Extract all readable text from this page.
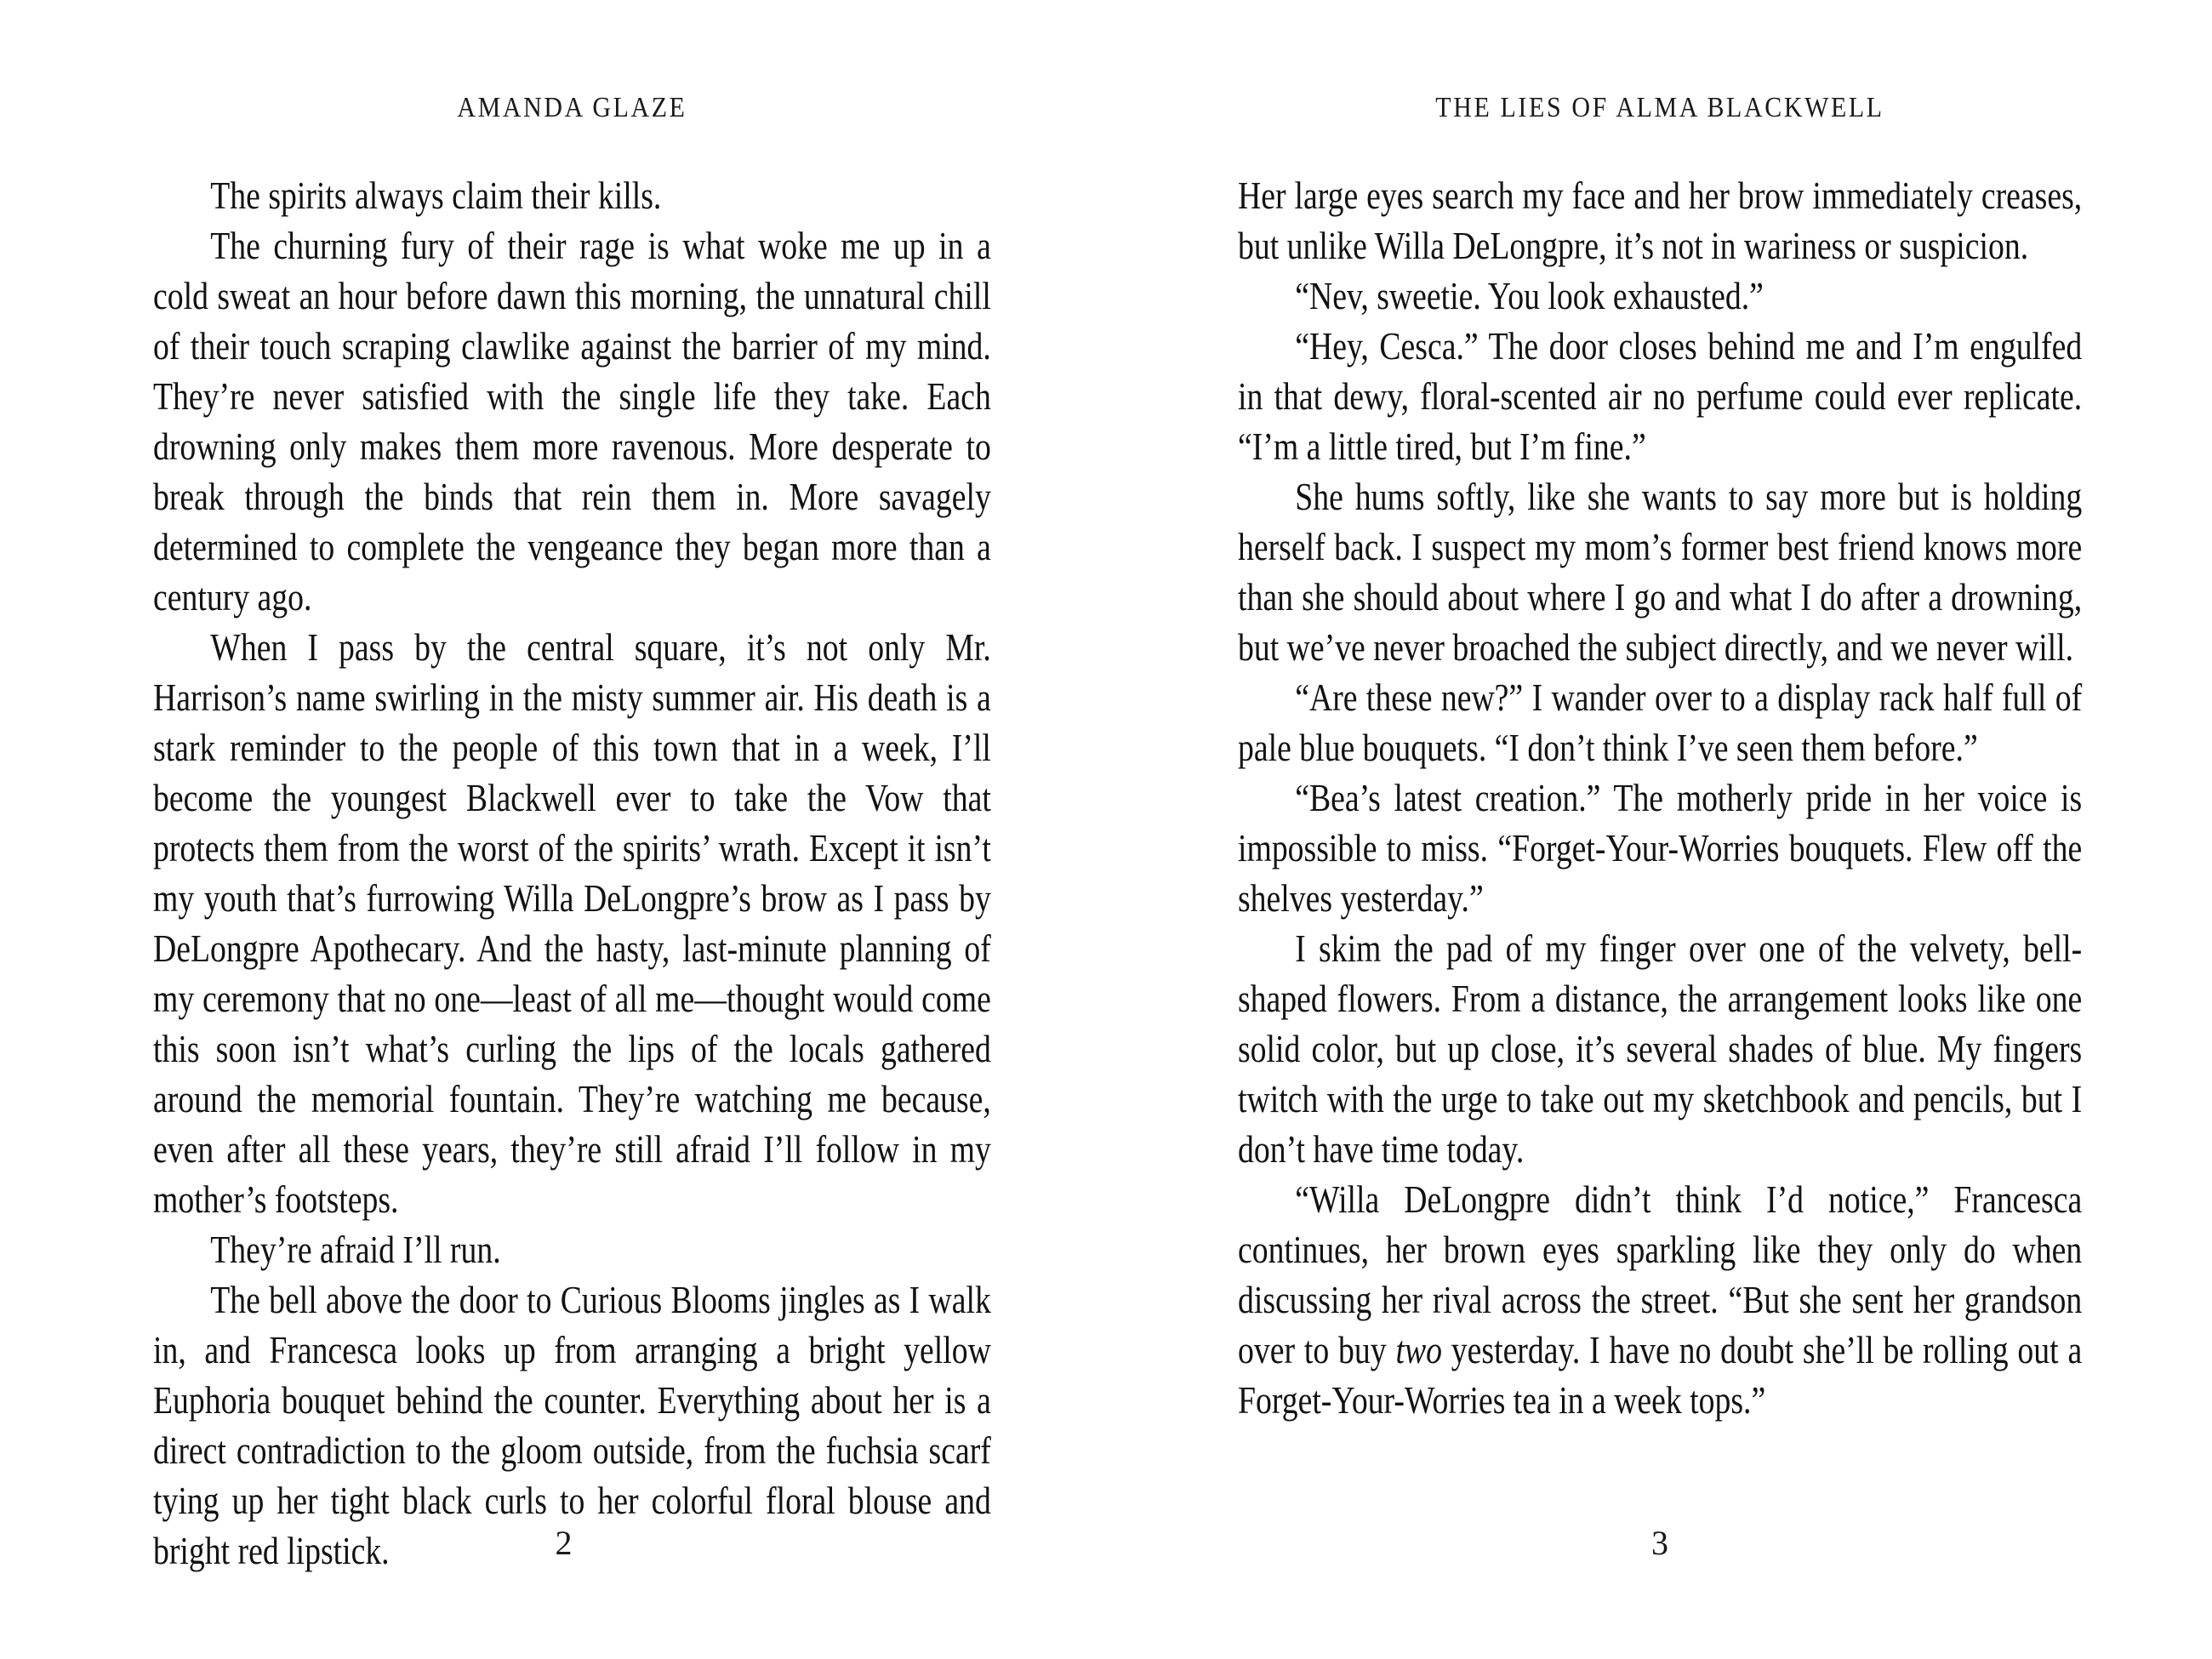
AMANDA GLAZE

The spirits always claim their kills.

The churning fury of their rage is what woke me up in a cold sweat an hour before dawn this morning, the unnatural chill of their touch scraping clawlike against the barrier of my mind. They’re never satisfied with the single life they take. Each drowning only makes them more ravenous. More desperate to break through the binds that rein them in. More savagely determined to complete the vengeance they began more than a century ago.

When I pass by the central square, it’s not only Mr. Harrison’s name swirling in the misty summer air. His death is a stark reminder to the people of this town that in a week, I’ll become the youngest Blackwell ever to take the Vow that protects them from the worst of the spirits’ wrath. Except it isn’t my youth that’s furrowing Willa DeLongpre’s brow as I pass by DeLongpre Apothecary. And the hasty, last-minute planning of my ceremony that no one—least of all me—thought would come this soon isn’t what’s curling the lips of the locals gathered around the memorial fountain. They’re watching me because, even after all these years, they’re still afraid I’ll follow in my mother’s footsteps.

They’re afraid I’ll run.

The bell above the door to Curious Blooms jingles as I walk in, and Francesca looks up from arranging a bright yellow Euphoria bouquet behind the counter. Everything about her is a direct contradiction to the gloom outside, from the fuchsia scarf tying up her tight black curls to her colorful floral blouse and bright red lipstick.	2
THE LIES OF ALMA BLACKWELL

Her large eyes search my face and her brow immediately creases, but unlike Willa DeLongpre, it’s not in wariness or suspicion.

“Nev, sweetie. You look exhausted.”

“Hey, Cesca.” The door closes behind me and I’m engulfed in that dewy, floral-scented air no perfume could ever replicate. “I’m a little tired, but I’m fine.”

She hums softly, like she wants to say more but is holding herself back. I suspect my mom’s former best friend knows more than she should about where I go and what I do after a drowning, but we’ve never broached the subject directly, and we never will.

“Are these new?” I wander over to a display rack half full of pale blue bouquets. “I don’t think I’ve seen them before.”

“Bea’s latest creation.” The motherly pride in her voice is impossible to miss. “Forget-Your-Worries bouquets. Flew off the shelves yesterday.”

I skim the pad of my finger over one of the velvety, bell-shaped flowers. From a distance, the arrangement looks like one solid color, but up close, it’s several shades of blue. My fingers twitch with the urge to take out my sketchbook and pencils, but I don’t have time today.

“Willa DeLongpre didn’t think I’d notice,” Francesca continues, her brown eyes sparkling like they only do when discussing her rival across the street. “But she sent her grandson over to buy two yesterday. I have no doubt she’ll be rolling out a Forget-Your-Worries tea in a week tops.”

3
